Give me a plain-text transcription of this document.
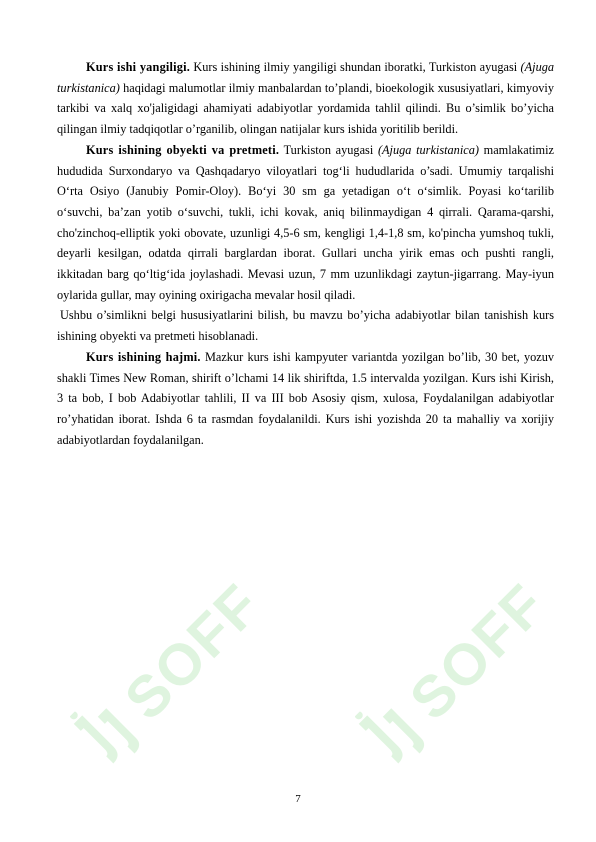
SOFF SOFF

Kurs ishi yangiligi. Kurs ishining ilmiy yangiligi shundan iboratki, Turkiston ayugasi (Ajuga turkistanica) haqidagi malumotlar ilmiy manbalardan to’plandi, bioekologik xususiyatlari, kimyoviy tarkibi va xalq xo'jaligidagi ahamiyati adabiyotlar yordamida tahlil qilindi. Bu o’simlik bo’yicha qilingan ilmiy tadqiqotlar o’rganilib, olingan natijalar kurs ishida yoritilib berildi.

Kurs ishining obyekti va pretmeti. Turkiston ayugasi (Ajuga turkistanica) mamlakatimiz hududida Surxondaryo va Qashqadaryo viloyatlari tog‘li hududlarida o’sadi. Umumiy tarqalishi O‘rta Osiyo (Janubiy Pomir-Oloy). Bo‘yi 30 sm ga yetadigan o‘t o‘simlik. Poyasi ko‘tarilib o‘suvchi, ba’zan yotib o‘suvchi, tukli, ichi kovak, aniq bilinmaydigan 4 qirrali. Qarama-qarshi, cho'zinchoq-elliptik yoki obovate, uzunligi 4,5-6 sm, kengligi 1,4-1,8 sm, ko'pincha yumshoq tukli, deyarli kesilgan, odatda qirrali barglardan iborat. Gullari uncha yirik emas och pushti rangli, ikkitadan barg qo‘ltig‘ida joylashadi. Mevasi uzun, 7 mm uzunlikdagi zaytun-jigarrang. May-iyun oylarida gullar, may oyining oxirigacha mevalar hosil qiladi.

Ushbu o’simlikni belgi hususiyatlarini bilish, bu mavzu bo’yicha adabiyotlar bilan tanishish kurs ishining obyekti va pretmeti hisoblanadi.

Kurs ishining hajmi. Mazkur kurs ishi kampyuter variantda yozilgan bo’lib, 30 bet, yozuv shakli Times New Roman, shirift o’lchami 14 lik shiriftda, 1.5 intervalda yozilgan. Kurs ishi Kirish, 3 ta bob, I bob Adabiyotlar tahlili, II va III bob Asosiy qism, xulosa, Foydalanilgan adabiyotlar ro’yhatidan iborat. Ishda 6 ta rasmdan foydalanildi. Kurs ishi yozishda 20 ta mahalliy va xorijiy adabiyotlardan foydalanilgan.

7
